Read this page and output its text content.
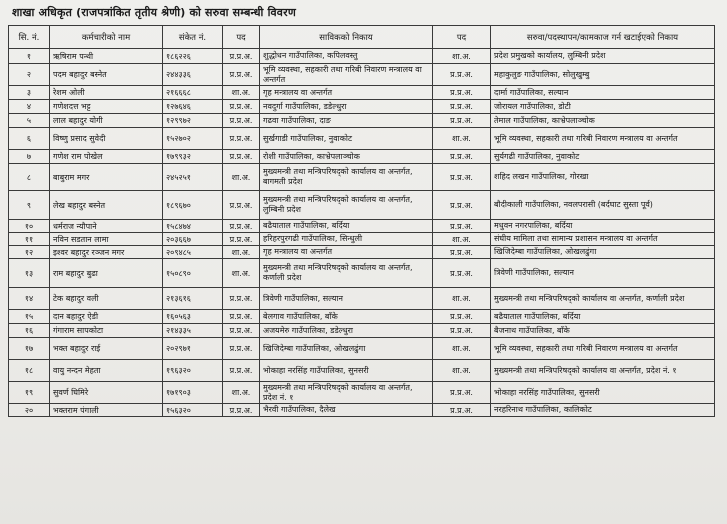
शाखा अधिकृत (राजपत्रांकित तृतीय श्रेणी) को सरुवा सम्बन्धी विवरण
सि. नं.	कर्मचारीको नाम	संकेत नं.	पद	साविकको निकाय	पद	सरुवा/पदस्थापन/कामकाज गर्न खटाईएको निकाय
१	ऋषिराम पन्थी	१८६२२६	प्र.प्र.अ.	शुद्धोधन गाउँपालिका, कपिलवस्तु	शा.अ.	प्रदेश प्रमुखको कार्यालय, लुम्बिनी प्रदेश
२	पदम बहादुर बस्नेत	२४४३३६	प्र.प्र.अ.	भूमि व्यवस्था, सहकारी तथा गरिबी निवारण मन्त्रालय वा अन्तर्गत	प्र.प्र.अ.	महाकुलुङ गाउँपालिका, सोलुखुम्बु
३	रेशम ओली	२१६६६८	शा.अ.	गृह मन्त्रालय वा अन्तर्गत	प्र.प्र.अ.	दार्मा गाउँपालिका, सल्यान
४	गणेशदत्त भट्ट	१२७६४६	प्र.प्र.अ.	नवदुर्गा गाउँपालिका, डडेल्धुरा	प्र.प्र.अ.	जोरायल गाउँपालिका, डोटी
५	लाल बहादुर योगी	१२९९७२	प्र.प्र.अ.	गढवा गाउँपालिका, दाङ	प्र.प्र.अ.	तेमाल गाउँपालिका, काभ्रेपलाञ्चोक
६	विष्णु प्रसाद सुवेदी	१५२७०२	प्र.प्र.अ.	सुर्खगाडी गाउँपालिका, नुवाकोट	शा.अ.	भूमि व्यवस्था, सहकारी तथा गरिबी निवारण मन्त्रालय वा अन्तर्गत
७	गणेश राम पोखेल	१७९९३२	प्र.प्र.अ.	रोशी गाउँपालिका, काभ्रेपलाञ्चोक	प्र.प्र.अ.	सुर्यगढी गाउँपालिका, नुवाकोट
८	बाबुराम मगर	२४५२५१	शा.अ.	मुख्यमन्त्री तथा मन्त्रिपरिषद्को कार्यालय वा अन्तर्गत, बागमती प्रदेश	प्र.प्र.अ.	शहिद लखन गाउँपालिका, गोरखा
९	लेख बहादुर बस्नेत	१८९६७०	प्र.प्र.अ.	मुख्यमन्त्री तथा मन्त्रिपरिषद्को कार्यालय वा अन्तर्गत, लुम्बिनी प्रदेश	प्र.प्र.अ.	बौदीकाली गाउँपालिका, नवलपरासी (बर्दघाट सुस्ता पूर्व)
१०	धर्मराज न्यौपाने	१५८४७४	प्र.प्र.अ.	बढैयाताल गाउँपालिका, बर्दिया	प्र.प्र.अ.	मधुवन नगरपालिका, बर्दिया
११	नविन सडतान लामा	२०३६६७	प्र.प्र.अ.	हरिहरपुरगढी गाउँपालिका, सिन्धुली	शा.अ.	संघीय मामिला तथा सामान्य प्रशासन मन्त्रालय वा अन्तर्गत
१२	इश्वर बहादुर रञ्जन मगर	२०९४८५	शा.अ.	गृह मन्त्रालय वा अन्तर्गत	प्र.प्र.अ.	खिजिदेम्बा गाउँपालिका, ओखलढुंगा
१३	राम बहादुर बुढा	१५०८९०	शा.अ.	मुख्यमन्त्री तथा मन्त्रिपरिषद्को कार्यालय वा अन्तर्गत, कर्णाली प्रदेश	प्र.प्र.अ.	त्रिवेणी गाउँपालिका, सल्यान
१४	टेक बहादुर वली	२१३६१६	प्र.प्र.अ.	त्रिवेणी गाउँपालिका, सल्यान	शा.अ.	मुख्यमन्त्री तथा मन्त्रिपरिषद्को कार्यालय वा अन्तर्गत, कर्णाली प्रदेश
१५	दान बहादुर ऐडी	१६०५६३	प्र.प्र.अ.	बेलगाव गाउँपालिका, बाँके	प्र.प्र.अ.	बढैयाताल गाउँपालिका, बर्दिया
१६	गंगाराम सापकोटा	२१४३३५	प्र.प्र.अ.	अजयमेरु गाउँपालिका, डडेल्धुरा	प्र.प्र.अ.	बैजनाथ गाउँपालिका, बाँके
१७	भक्त बहादुर राई	२०२९७१	प्र.प्र.अ.	खिजिदेम्बा गाउँपालिका, ओखलढुंगा	शा.अ.	भूमि व्यवस्था, सहकारी तथा गरिबी निवारण मन्त्रालय वा अन्तर्गत
१८	वायु नन्दन मेहता	१९६३२०	प्र.प्र.अ.	भोकाहा नरसिंह गाउँपालिका, सुनसरी	शा.अ.	मुख्यमन्त्री तथा मन्त्रिपरिषद्को कार्यालय वा अन्तर्गत, प्रदेश नं. १
१९	सुवर्ण घिमिरे	१७१९०३	शा.अ.	मुख्यमन्त्री तथा मन्त्रिपरिषद्को कार्यालय वा अन्तर्गत, प्रदेश नं. १	प्र.प्र.अ.	भोकाहा नरसिंह गाउँपालिका, सुनसरी
२०	भक्तराम पंगाली	१५६३२०	प्र.प्र.अ.	भैरवी गाउँपालिका, दैलेख	प्र.प्र.अ.	नरहरिनाथ गाउँपालिका, कालिकोट
